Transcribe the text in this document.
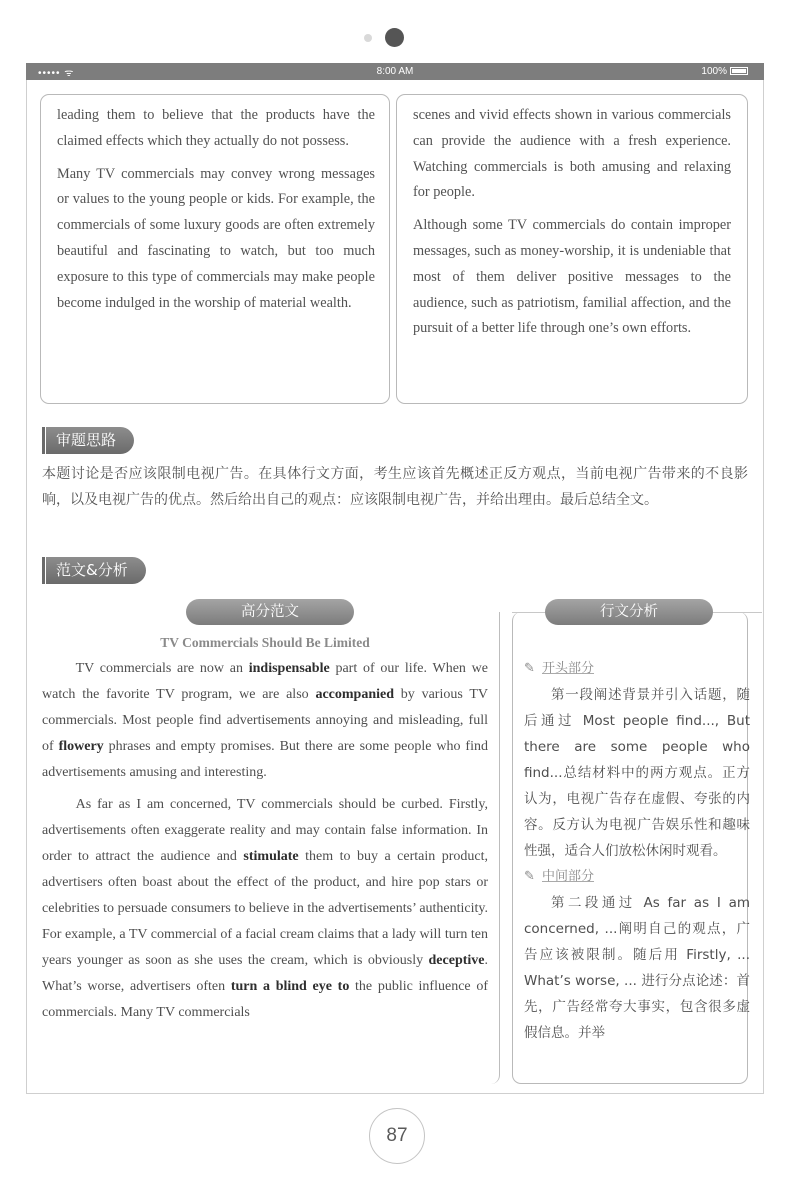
••••• ᯤ	8:00 AM	100%

leading them to believe that the products have the claimed effects which they actually do not possess.

Many TV commercials may convey wrong messages or values to the young people or kids. For example, the commercials of some luxury goods are often extremely beautiful and fascinating to watch, but too much exposure to this type of commercials may make people become indulged in the worship of material wealth.

scenes and vivid effects shown in various commercials can provide the audience with a fresh experience. Watching commercials is both amusing and relaxing for people.

Although some TV commercials do contain improper messages, such as money-worship, it is undeniable that most of them deliver positive messages to the audience, such as patriotism, familial affection, and the pursuit of a better life through one’s own efforts.

审题思路
本题讨论是否应该限制电视广告。在具体行文方面，考生应该首先概述正反方观点，当前电视广告带来的不良影响，以及电视广告的优点。然后给出自己的观点：应该限制电视广告，并给出理由。最后总结全文。
范文&分析
高分范文	行文分析
TV Commercials Should Be Limited

TV commercials are now an indispensable part of our life. When we watch the favorite TV program, we are also accompanied by various TV commercials. Most people find advertisements annoying and misleading, full of flowery phrases and empty promises. But there are some people who find advertisements amusing and interesting.

As far as I am concerned, TV commercials should be curbed. Firstly, advertisements often exaggerate reality and may contain false information. In order to attract the audience and stimulate them to buy a certain product, advertisers often boast about the effect of the product, and hire pop stars or celebrities to persuade consumers to believe in the advertisements’ authenticity. For example, a TV commercial of a facial cream claims that a lady will turn ten years younger as soon as she uses the cream, which is obviously deceptive. What’s worse, advertisers often turn a blind eye to the public influence of commercials. Many TV commercials

✎ 开头部分
第一段阐述背景并引入话题，随后通过 Most people find..., But there are some people who find...总结材料中的两方观点。正方认为，电视广告存在虚假、夸张的内容。反方认为电视广告娱乐性和趣味性强，适合人们放松休闲时观看。
✎ 中间部分
第二段通过 As far as I am concerned, ...阐明自己的观点，广告应该被限制。随后用 Firstly, ... What’s worse, ... 进行分点论述：首先，广告经常夸大事实，包含很多虚假信息。并举
87
